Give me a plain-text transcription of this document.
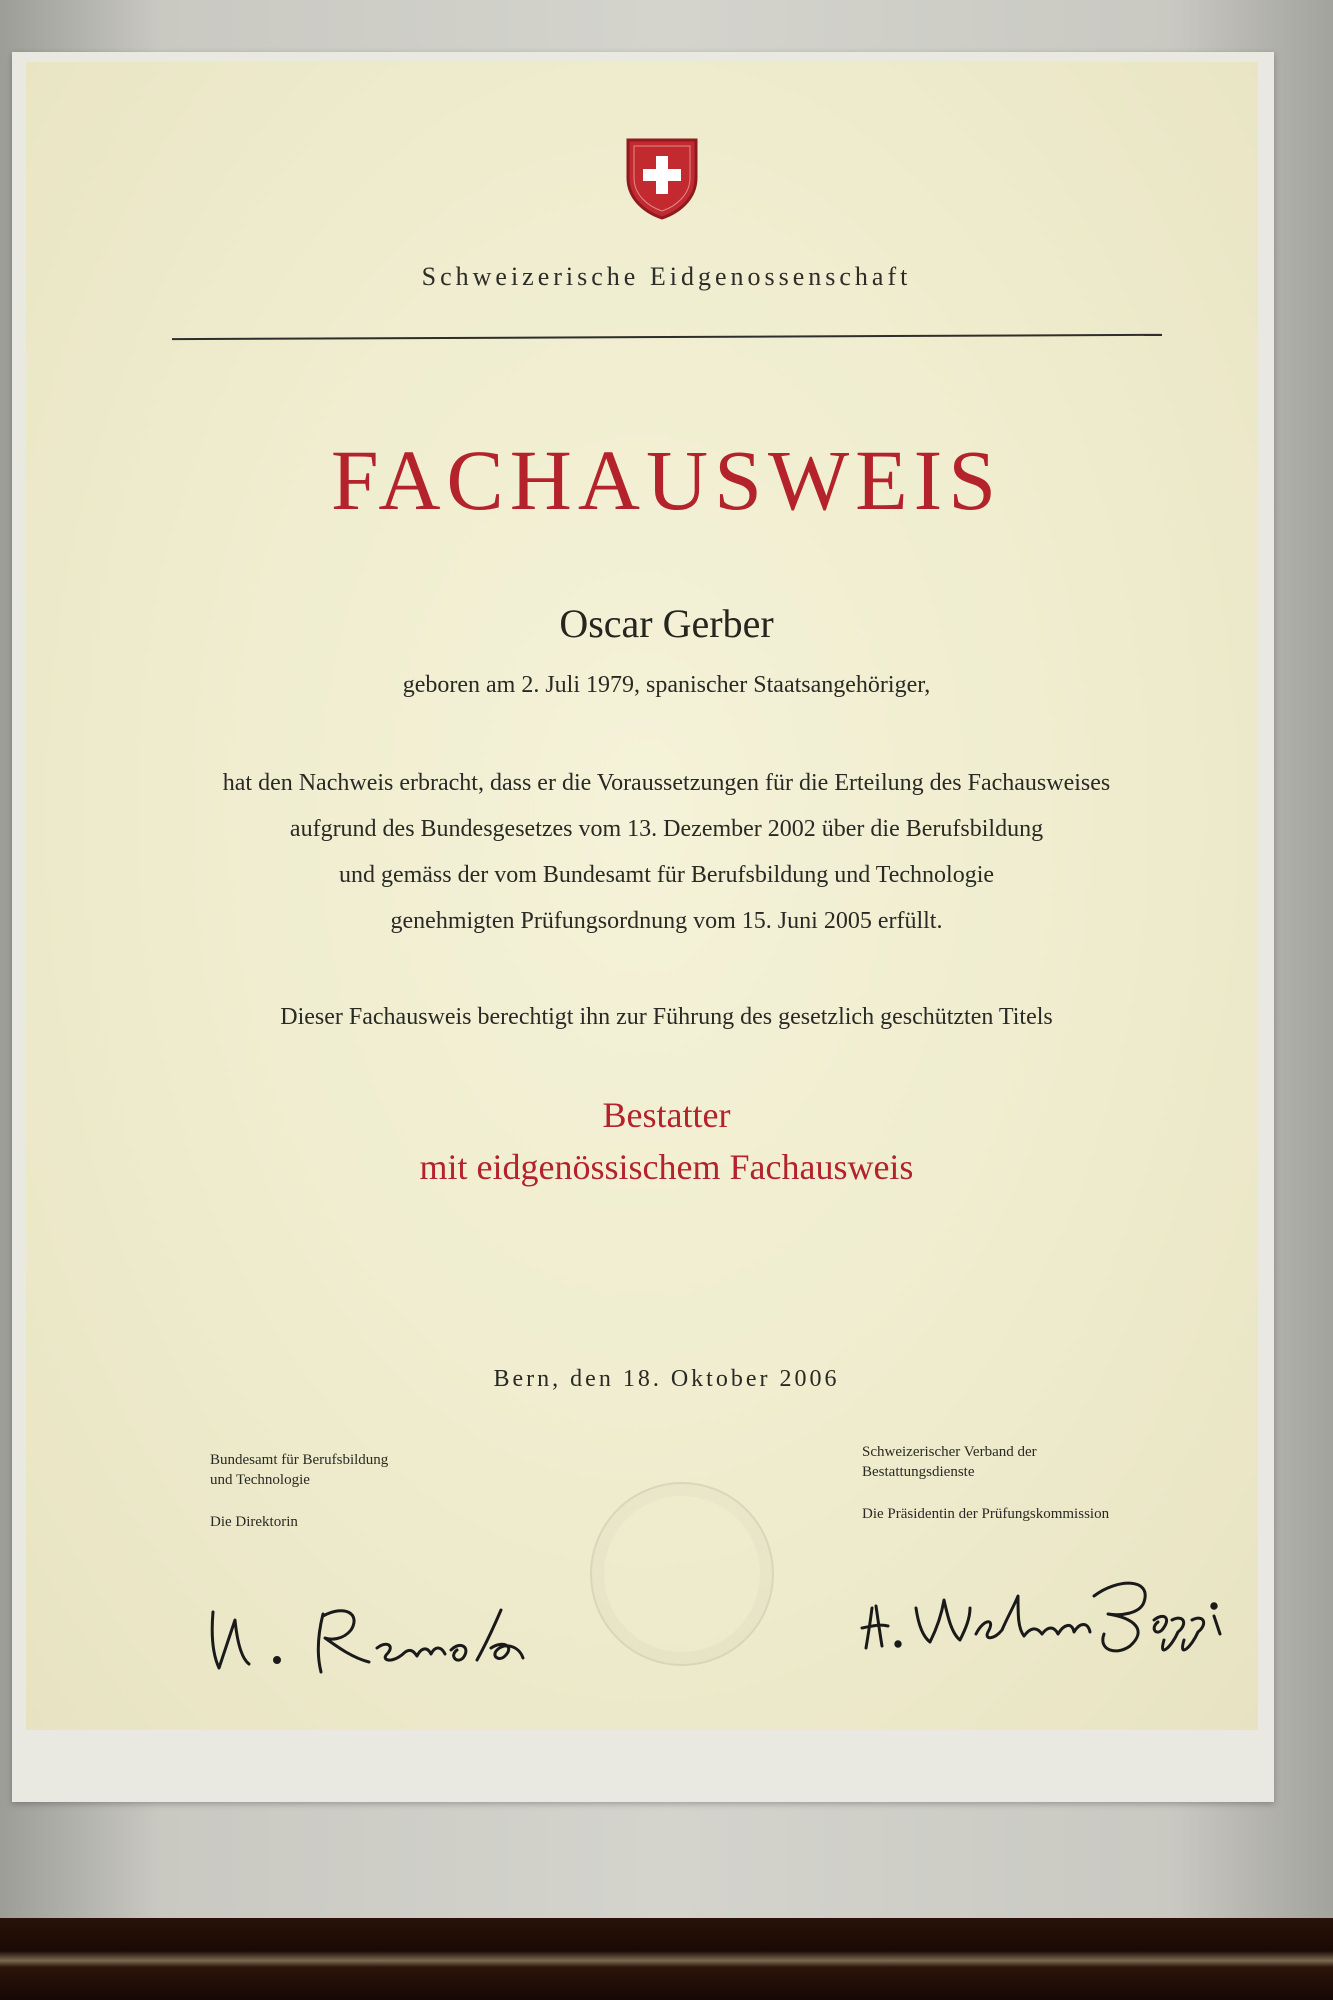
Schweizerische Eidgenossenschaft
FACHAUSWEIS
Oscar Gerber
geboren am 2. Juli 1979, spanischer Staatsangehöriger,
hat den Nachweis erbracht, dass er die Voraussetzungen für die Erteilung des Fachausweises
aufgrund des Bundesgesetzes vom 13. Dezember 2002 über die Berufsbildung
und gemäss der vom Bundesamt für Berufsbildung und Technologie
genehmigten Prüfungsordnung vom 15. Juni 2005 erfüllt.
Dieser Fachausweis berechtigt ihn zur Führung des gesetzlich geschützten Titels
Bestatter
mit eidgenössischem Fachausweis
Bern, den 18. Oktober 2006
Bundesamt für Berufsbildung
und Technologie
Die Direktorin
Schweizerischer Verband der
Bestattungsdienste
Die Präsidentin der Prüfungskommission
